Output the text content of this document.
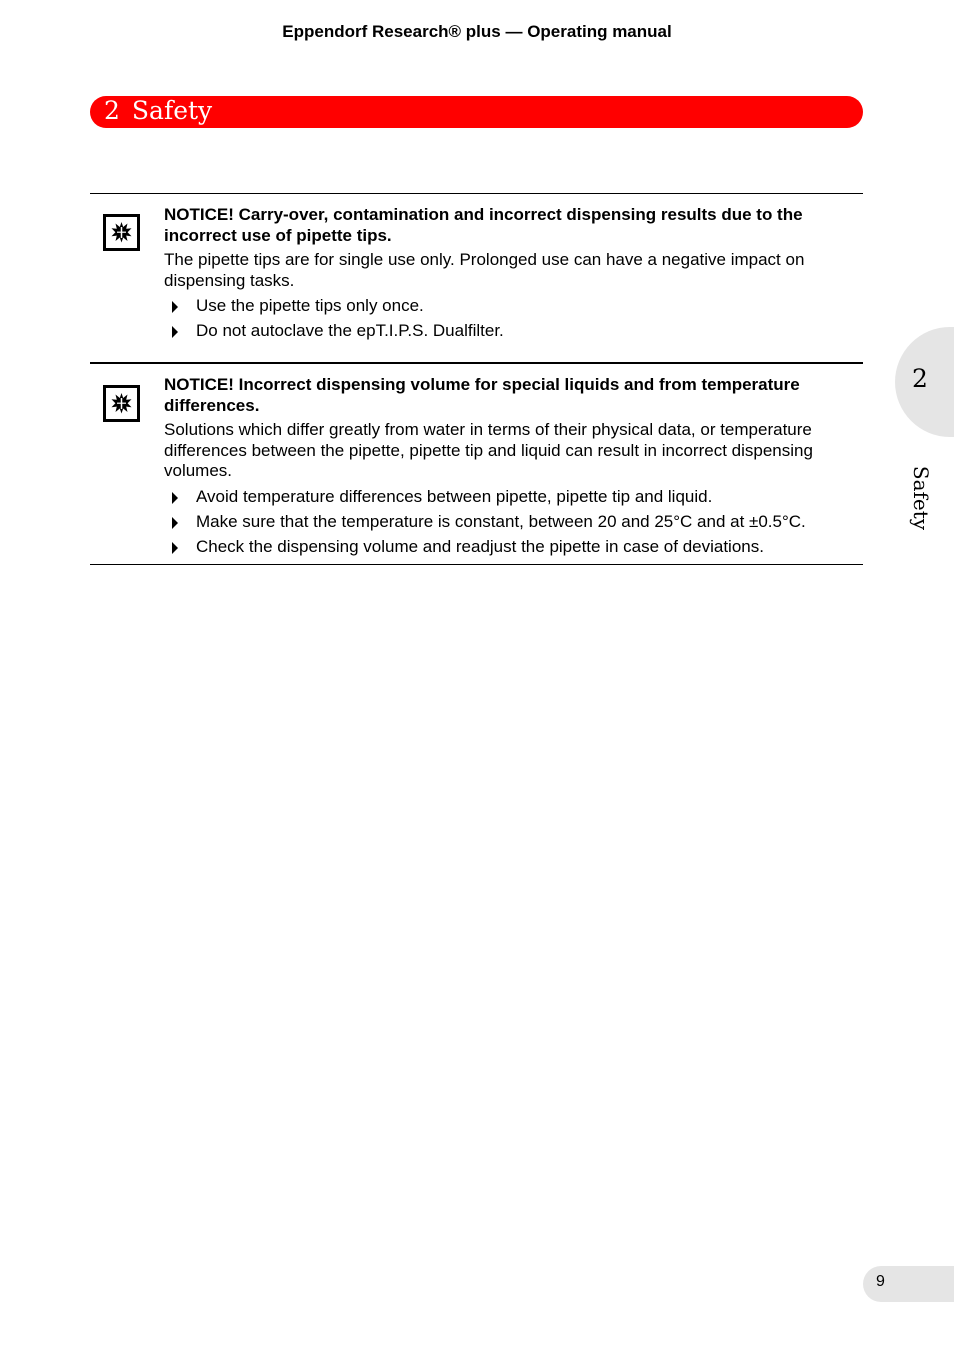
Eppendorf Research® plus — Operating manual
2 Safety
2
Safety

NOTICE! Carry-over, contamination and incorrect dispensing results due to the incorrect use of pipette tips.

The pipette tips are for single use only. Prolonged use can have a negative impact on dispensing tasks.

Use the pipette tips only once.
Do not autoclave the epT.I.P.S. Dualfilter.

NOTICE! Incorrect dispensing volume for special liquids and from temperature differences.

Solutions which differ greatly from water in terms of their physical data, or temperature differences between the pipette, pipette tip and liquid can result in incorrect dispensing volumes.

Avoid temperature differences between pipette, pipette tip and liquid.
Make sure that the temperature is constant, between 20 and 25°C and at ±0.5°C.
Check the dispensing volume and readjust the pipette in case of deviations.
9
